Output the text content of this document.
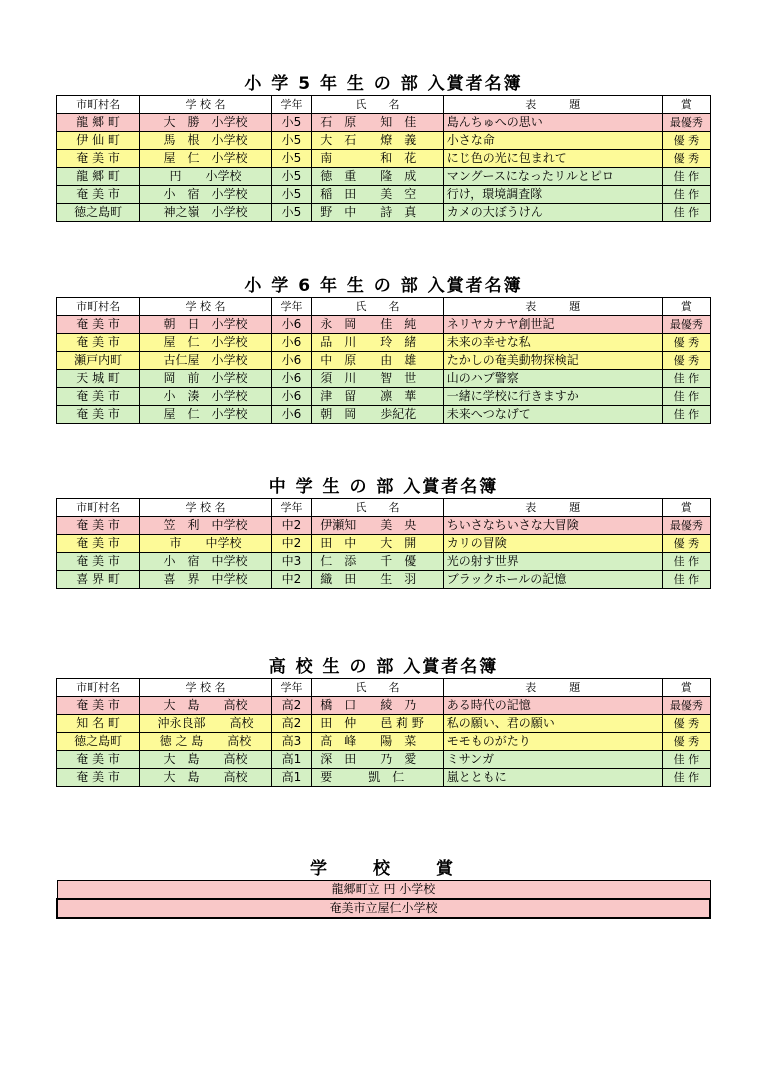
小 学 5 年 生 の 部 入賞者名簿
市町村名	学 校 名	学年	氏　　名	表　　　題	賞
龍 郷 町	大　勝　小学校	小5	石　原　　知　佳	島んちゅへの思い	最優秀
伊 仙 町	馬　根　小学校	小5	大　石　　燎　義	小さな命	優 秀
奄 美 市	屋　仁　小学校	小5	南　　　　和　花	にじ色の光に包まれて	優 秀
龍 郷 町	円　　小学校	小5	徳　重　　隆　成	マングースになったリルとピロ	佳 作
奄 美 市	小　宿　小学校	小5	稲　田　　美　空	行け，環境調査隊	佳 作
徳之島町	神之嶺　小学校	小5	野　中　　詩　真	カメの大ぼうけん	佳 作
小 学 6 年 生 の 部 入賞者名簿
市町村名	学 校 名	学年	氏　　名	表　　　題	賞
奄 美 市	朝　日　小学校	小6	永　岡　　佳　純	ネリヤカナヤ創世記	最優秀
奄 美 市	屋　仁　小学校	小6	品　川　　玲　緒	未来の幸せな私	優 秀
瀬戸内町	古仁屋　小学校	小6	中　原　　由　雄	たかしの奄美動物探検記	優 秀
天 城 町	岡　前　小学校	小6	須　川　　智　世	山のハブ警察	佳 作
奄 美 市	小　湊　小学校	小6	津　留　　凛　華	一緒に学校に行きますか	佳 作
奄 美 市	屋　仁　小学校	小6	朝　岡　　歩紀花	未来へつなげて	佳 作
中 学 生 の 部 入賞者名簿
市町村名	学 校 名	学年	氏　　名	表　　　題	賞
奄 美 市	笠　利　中学校	中2	伊瀬知　　美　央	ちいさなちいさな大冒険	最優秀
奄 美 市	市　　中学校	中2	田　中　　大　開	カリの冒険	優 秀
奄 美 市	小　宿　中学校	中3	仁　添　　千　優	光の射す世界	佳 作
喜 界 町	喜　界　中学校	中2	織　田　　生　羽	ブラックホールの記憶	佳 作
高 校 生 の 部 入賞者名簿
市町村名	学 校 名	学年	氏　　名	表　　　題	賞
奄 美 市	大　島　　高校	高2	橋　口　　綾　乃	ある時代の記憶	最優秀
知 名 町	沖永良部　　高校	高2	田　仲　　邑 莉 野	私の願い、君の願い	優 秀
徳之島町	徳 之 島　　高校	高3	高　峰　　陽　菜	モモものがたり	優 秀
奄 美 市	大　島　　高校	高1	深　田　　乃　愛	ミサンガ	佳 作
奄 美 市	大　島　　高校	高1	要　　　凱　仁	嵐とともに	佳 作
学　　校　　賞
龍郷町立 円 小学校
奄美市立屋仁小学校
